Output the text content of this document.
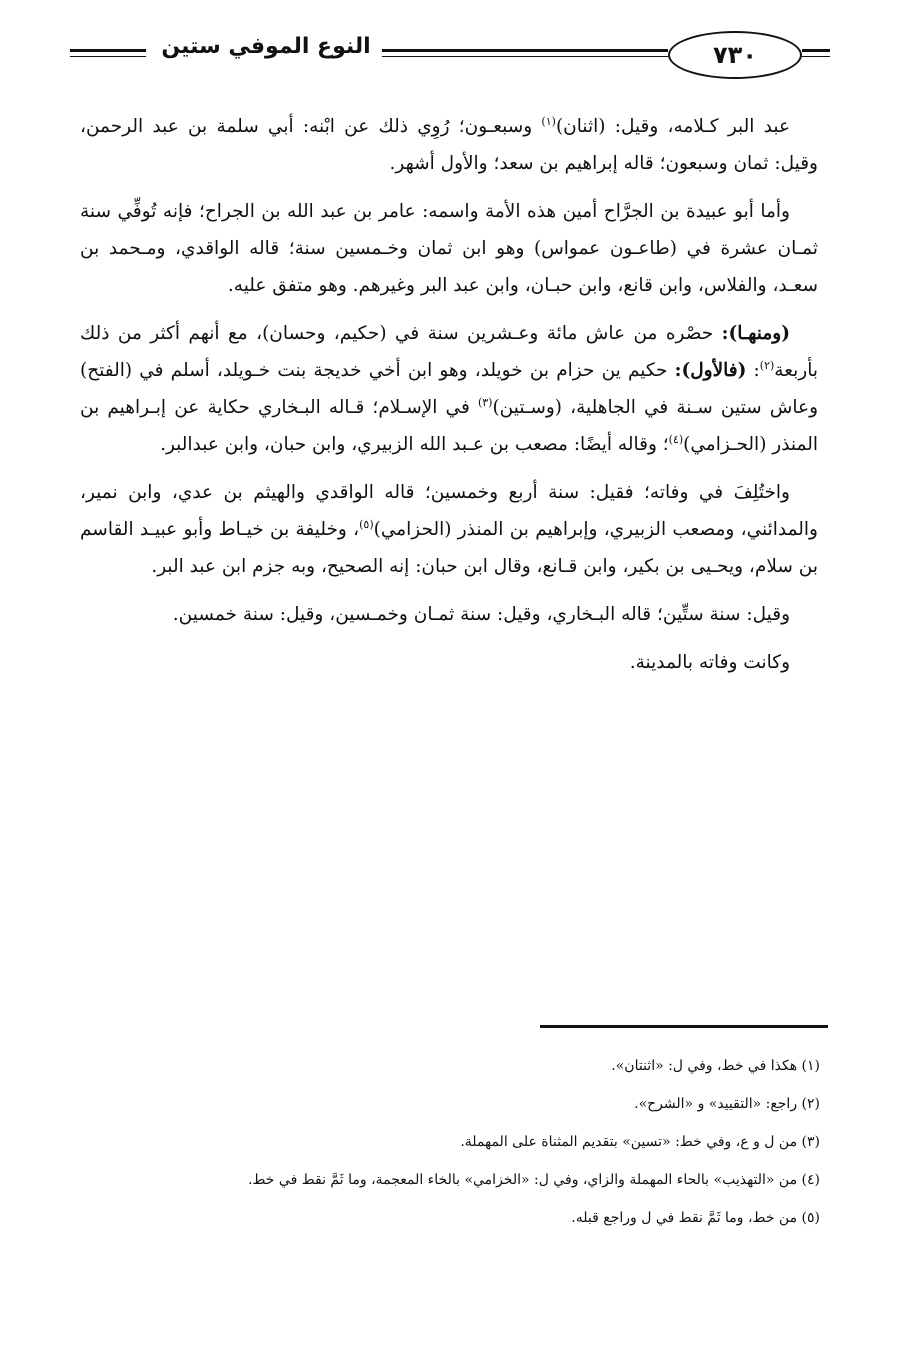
٧٣٠
النوع الموفي ستين

عبد البر كـلامه، وقيل: (اثنان)$^{(١)}$ وسبعـون؛ رُوِي ذلك عن ابْنه: أبي سلمة بن عبد الرحمن، وقيل: ثمان وسبعون؛ قاله إبراهيم بن سعد؛ والأول أشهر.

وأما أبو عبيدة بن الجرَّاح أمين هذه الأمة واسمه: عامر بن عبد الله بن الجراح؛ فإنه تُوفِّي سنة ثمـان عشرة في (طاعـون عمواس) وهو ابن ثمان وخـمسين سنة؛ قاله الواقدي، ومـحمد بن سعـد، والفلاس، وابن قانع، وابن حبـان، وابن عبد البر وغيرهم. وهو متفق عليه.

(ومنهـا): حصْره من عاش مائة وعـشرين سنة في (حكيم، وحسان)، مع أنهم أكثر من ذلك بأربعة$^{(٢)}$: (فالأول): حكيم ين حزام بن خويلد، وهو ابن أخي خديجة بنت خـويلد، أسلم في (الفتح) وعاش ستين سـنة في الجاهلية، (وسـتين)$^{(٣)}$ في الإسـلام؛ قـاله البـخاري حكاية عن إبـراهيم بن المنذر (الحـزامي)$^{(٤)}$؛ وقاله أيضًا: مصعب بن عـبد الله الزبيري، وابن حبان، وابن عبدالبر.

واختُلِفَ في وفاته؛ فقيل: سنة أربع وخمسين؛ قاله الواقدي والهيثم بن عدي، وابن نمير، والمدائني، ومصعب الزبيري، وإبراهيم بن المنذر (الحزامي)$^{(٥)}$، وخليفة بن خيـاط وأبو عبيـد القاسم بن سلام، ويحـيى بن بكير، وابن قـانع، وقال ابن حبان: إنه الصحيح، وبه جزم ابن عبد البر.

وقيل: سنة ستِّين؛ قاله البـخاري، وقيل: سنة ثمـان وخمـسين، وقيل: سنة خمسين.

وكانت وفاته بالمدينة.

(١) هكذا في خط، وفي ل: «اثنتان».
(٢) راجع: «التقييد» و «الشرح».
(٣) من ل و ع، وفي خط: «تسين» بتقديم المثناة على المهملة.
(٤) من «التهذيب» بالحاء المهملة والزاي، وفي ل: «الخزامي» بالخاء المعجمة، وما ثَمَّ نقط في خط.
(٥) من خط، وما ثَمَّ نقط في ل وراجع قبله.
